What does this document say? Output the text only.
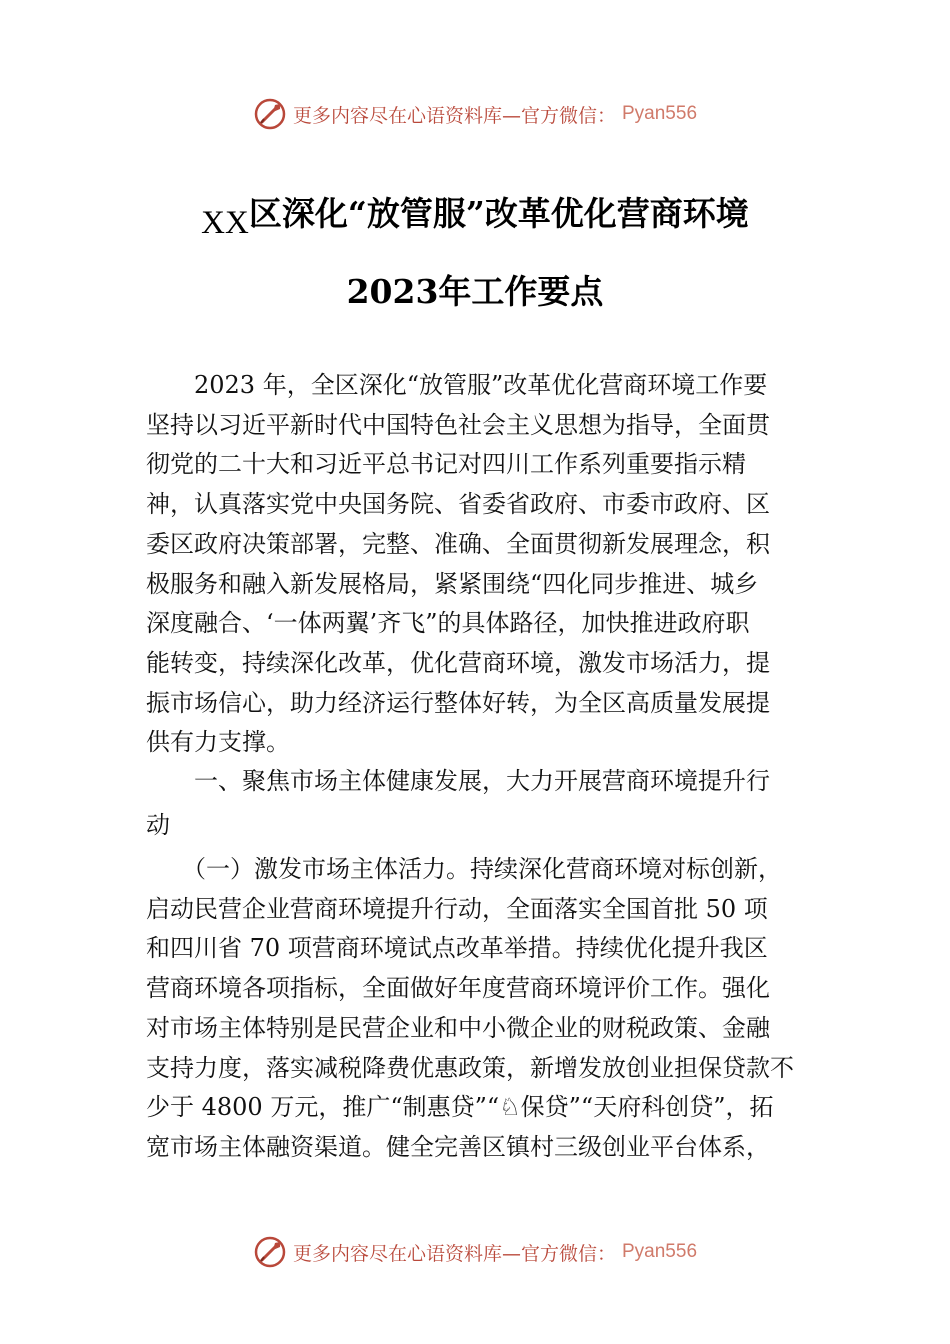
更多内容尽在心语资料库—官方微信： Pyan556
XX区深化“放管服”改革优化营商环境
2023年工作要点
　　2023 年，全区深化“放管服”改革优化营商环境工作要
坚持以习近平新时代中国特色社会主义思想为指导，全面贯
彻党的二十大和习近平总书记对四川工作系列重要指示精
神，认真落实党中央国务院、省委省政府、市委市政府、区
委区政府决策部署，完整、准确、全面贯彻新发展理念，积
极服务和融入新发展格局，紧紧围绕“四化同步推进、城乡
深度融合、‘一体两翼’齐飞”的具体路径，加快推进政府职
能转变，持续深化改革，优化营商环境，激发市场活力，提
振市场信心，助力经济运行整体好转，为全区高质量发展提
供有力支撑。
　　一、聚焦市场主体健康发展，大力开展营商环境提升行
动
　　（一）激发市场主体活力。持续深化营商环境对标创新，
启动民营企业营商环境提升行动，全面落实全国首批 50 项
和四川省 70 项营商环境试点改革举措。持续优化提升我区
营商环境各项指标，全面做好年度营商环境评价工作。强化
对市场主体特别是民营企业和中小微企业的财税政策、金融
支持力度，落实减税降费优惠政策，新增发放创业担保贷款不
少于 4800 万元，推广“制惠贷”“♘保贷”“天府科创贷”，拓
宽市场主体融资渠道。健全完善区镇村三级创业平台体系，
更多内容尽在心语资料库—官方微信： Pyan556
